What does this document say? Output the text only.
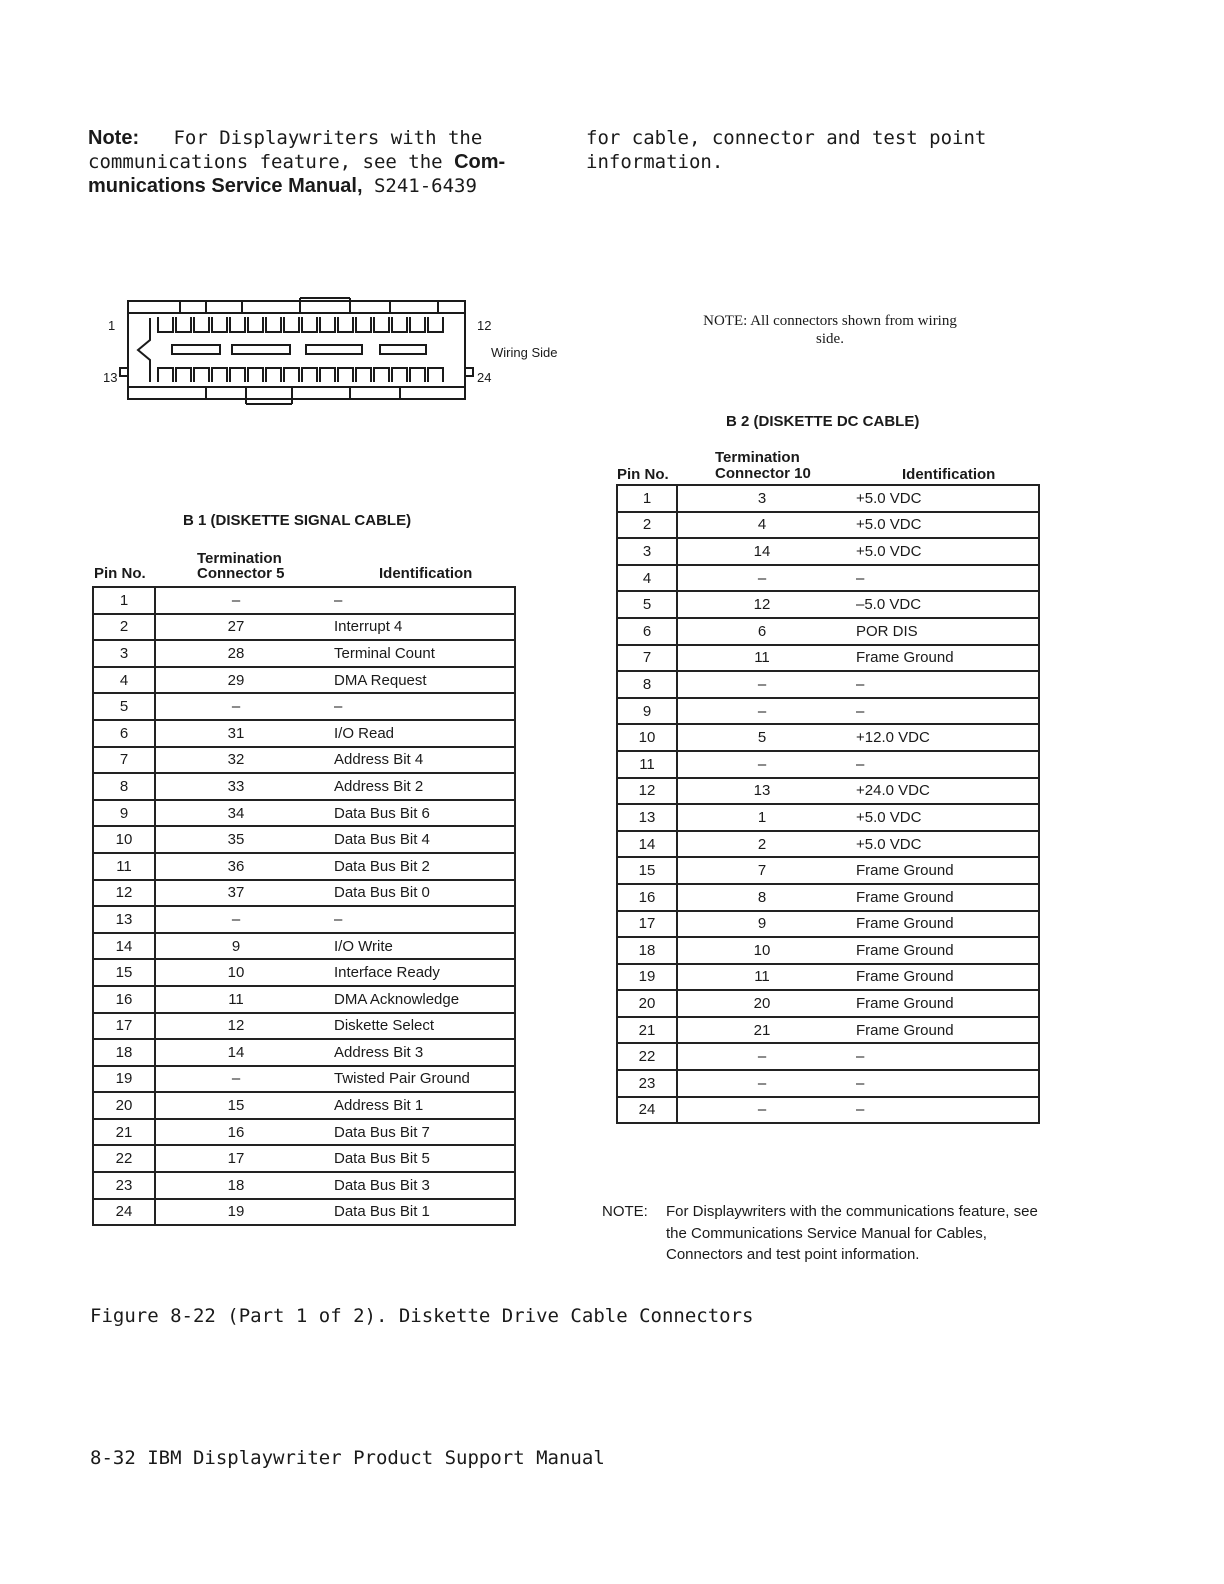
Note: For Displaywriters with the communications feature, see the Com- munications Service Manual, S241-6439
for cable, connector and test point information.
1	12
13	24
Wiring Side
NOTE: All connectors shown from wiring side.
B 1 (DISKETTE SIGNAL CABLE)
Pin No.
Termination
Connector 5	Identification
1	–	–
2	27	Interrupt 4
3	28	Terminal Count
4	29	DMA Request
5	–	–
6	31	I/O Read
7	32	Address Bit 4
8	33	Address Bit 2
9	34	Data Bus Bit 6
10	35	Data Bus Bit 4
11	36	Data Bus Bit 2
12	37	Data Bus Bit 0
13	–	–
14	9	I/O Write
15	10	Interface Ready
16	11	DMA Acknowledge
17	12	Diskette Select
18	14	Address Bit 3
19	–	Twisted Pair Ground
20	15	Address Bit 1
21	16	Data Bus Bit 7
22	17	Data Bus Bit 5
23	18	Data Bus Bit 3
24	19	Data Bus Bit 1
B 2 (DISKETTE DC CABLE)
Pin No.
Termination
Connector 10	Identification
1	3	+5.0 VDC
2	4	+5.0 VDC
3	14	+5.0 VDC
4	–	–
5	12	–5.0 VDC
6	6	POR DIS
7	11	Frame Ground
8	–	–
9	–	–
10	5	+12.0 VDC
11	–	–
12	13	+24.0 VDC
13	1	+5.0 VDC
14	2	+5.0 VDC
15	7	Frame Ground
16	8	Frame Ground
17	9	Frame Ground
18	10	Frame Ground
19	11	Frame Ground
20	20	Frame Ground
21	21	Frame Ground
22	–	–
23	–	–
24	–	–
NOTE: For Displaywriters with the communications feature, see the Communications Service Manual for Cables, Connectors and test point information.
Figure 8-22 (Part 1 of 2). Diskette Drive Cable Connectors
8-32 IBM Displaywriter Product Support Manual
